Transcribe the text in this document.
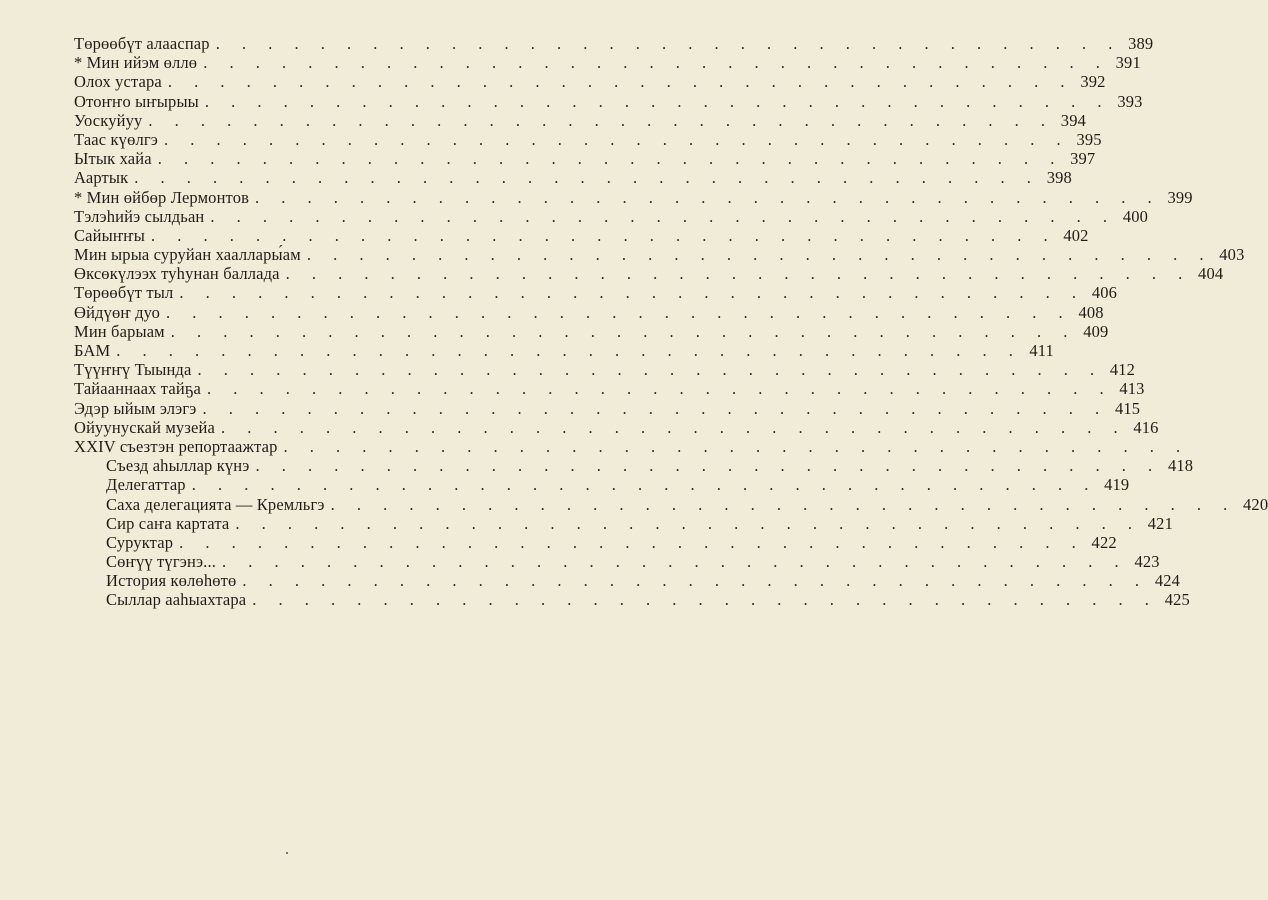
Төрөөбүт алааспар . . . . . . . . . . . . . . . . . . . . . . . . . . . . . . . . . . . 389
* Мин ийэм өллө . . . . . . . . . . . . . . . . . . . . . . . . . . . . . . . . . . . 391
Олох устара . . . . . . . . . . . . . . . . . . . . . . . . . . . . . . . . . . . 392
Отоҥҥо ыҥырыы . . . . . . . . . . . . . . . . . . . . . . . . . . . . . . . . . . . 393
Уоскуйуу . . . . . . . . . . . . . . . . . . . . . . . . . . . . . . . . . . . 394
Таас күөлгэ . . . . . . . . . . . . . . . . . . . . . . . . . . . . . . . . . . . 395
Ытык хайа . . . . . . . . . . . . . . . . . . . . . . . . . . . . . . . . . . . 397
Аартык . . . . . . . . . . . . . . . . . . . . . . . . . . . . . . . . . . . 398
* Мин өйбөр Лермонтов . . . . . . . . . . . . . . . . . . . . . . . . . . . . . . . . . . . 399
Тэлэһийэ сылдьан . . . . . . . . . . . . . . . . . . . . . . . . . . . . . . . . . . . 400
Сайыҥҥы . . . . . . . . . . . . . . . . . . . . . . . . . . . . . . . . . . . 402
Мин ырыа суруйан хааллары́ам . . . . . . . . . . . . . . . . . . . . . . . . . . . . . . . . . . . 403
Өксөкүлээх туһунан баллада . . . . . . . . . . . . . . . . . . . . . . . . . . . . . . . . . . . 404
Төрөөбүт тыл . . . . . . . . . . . . . . . . . . . . . . . . . . . . . . . . . . . 406
Өйдүөҥ дуо . . . . . . . . . . . . . . . . . . . . . . . . . . . . . . . . . . . 408
Мин барыам . . . . . . . . . . . . . . . . . . . . . . . . . . . . . . . . . . . 409
БАМ . . . . . . . . . . . . . . . . . . . . . . . . . . . . . . . . . . . 411
Түүҥҥү Тыында . . . . . . . . . . . . . . . . . . . . . . . . . . . . . . . . . . . 412
Тайааннаах тайҕа . . . . . . . . . . . . . . . . . . . . . . . . . . . . . . . . . . . 413
Эдэр ыйым элэгэ . . . . . . . . . . . . . . . . . . . . . . . . . . . . . . . . . . . 415
Ойуунускай музейа . . . . . . . . . . . . . . . . . . . . . . . . . . . . . . . . . . . 416
XXIV съезтэн репортаажтар . . . . . . . . . . . . . . . . . . . . . . . . . . . . . . . . . . .
Съезд аһыллар күнэ . . . . . . . . . . . . . . . . . . . . . . . . . . . . . . . . . . . 418
Делегаттар . . . . . . . . . . . . . . . . . . . . . . . . . . . . . . . . . . . 419
Саха делегацията — Кремльгэ . . . . . . . . . . . . . . . . . . . . . . . . . . . . . . . . . . . 420
Сир саҥа картата . . . . . . . . . . . . . . . . . . . . . . . . . . . . . . . . . . . 421
Суруктар . . . . . . . . . . . . . . . . . . . . . . . . . . . . . . . . . . . 422
Сөҥүү түгэнэ... . . . . . . . . . . . . . . . . . . . . . . . . . . . . . . . . . . . 423
История көлөһөтө . . . . . . . . . . . . . . . . . . . . . . . . . . . . . . . . . . . 424
Сыллар ааһыахтара . . . . . . . . . . . . . . . . . . . . . . . . . . . . . . . . . . . 425
